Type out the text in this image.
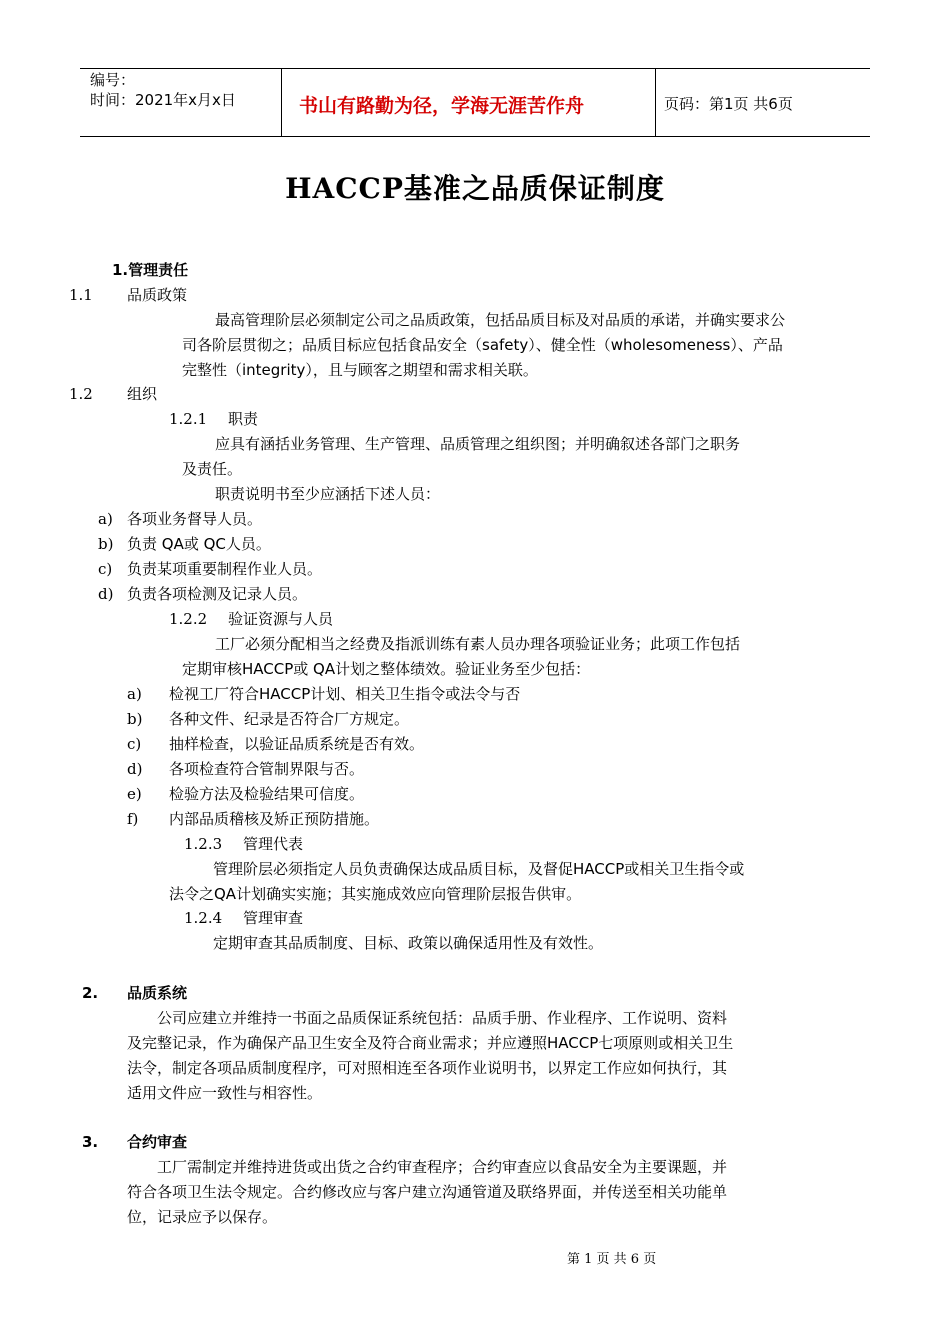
编号：
时间：2021年x月x日	书山有路勤为径，学海无涯苦作舟	页码：第1页 共6页
HACCP基准之品质保证制度
1.管理责任
1.1 品质政策
最高管理阶层必须制定公司之品质政策，包括品质目标及对品质的承诺，并确实要求公
司各阶层贯彻之；品质目标应包括食品安全（safety）、健全性（wholesomeness）、产品
完整性（integrity），且与顾客之期望和需求相关联。
1.2 组织
1.2.1 职责
应具有涵括业务管理、生产管理、品质管理之组织图；并明确叙述各部门之职务
及责任。
职责说明书至少应涵括下述人员：
a) 各项业务督导人员。
b) 负责 QA或 QC人员。
c) 负责某项重要制程作业人员。
d) 负责各项检测及记录人员。
1.2.2 验证资源与人员
工厂必须分配相当之经费及指派训练有素人员办理各项验证业务；此项工作包括
定期审核HACCP或 QA计划之整体绩效。验证业务至少包括：
a) 检视工厂符合HACCP计划、相关卫生指令或法令与否
b) 各种文件、纪录是否符合厂方规定。
c) 抽样检查，以验证品质系统是否有效。
d) 各项检查符合管制界限与否。
e) 检验方法及检验结果可信度。
f) 内部品质稽核及矫正预防措施。
1.2.3 管理代表
管理阶层必须指定人员负责确保达成品质目标，及督促HACCP或相关卫生指令或
法令之QA计划确实实施；其实施成效应向管理阶层报告供审。
1.2.4 管理审查
定期审查其品质制度、目标、政策以确保适用性及有效性。
2. 品质系统
公司应建立并维持一书面之品质保证系统包括：品质手册、作业程序、工作说明、资料
及完整记录，作为确保产品卫生安全及符合商业需求；并应遵照HACCP七项原则或相关卫生
法令，制定各项品质制度程序，可对照相连至各项作业说明书，以界定工作应如何执行，其
适用文件应一致性与相容性。
3. 合约审查
工厂需制定并维持进货或出货之合约审查程序；合约审查应以食品安全为主要课题，并
符合各项卫生法令规定。合约修改应与客户建立沟通管道及联络界面，并传送至相关功能单
位，记录应予以保存。
第 1 页 共 6 页
